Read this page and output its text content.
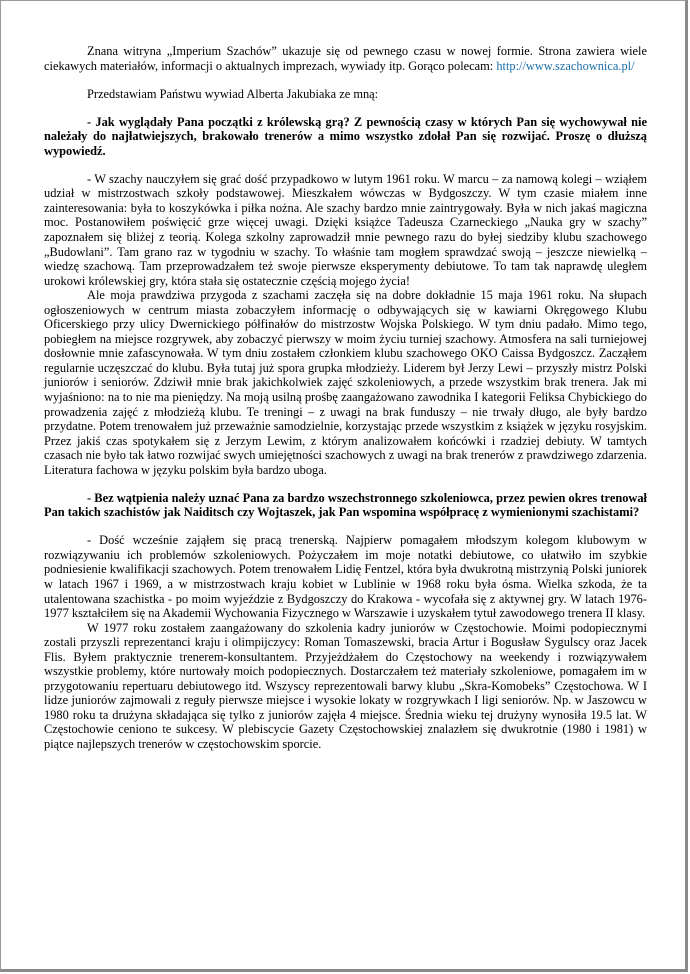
Znana witryna „Imperium Szachów” ukazuje się od pewnego czasu w nowej formie. Strona zawiera wiele ciekawych materiałów, informacji o aktualnych imprezach, wywiady itp. Gorąco polecam: http://www.szachownica.pl/

Przedstawiam Państwu wywiad Alberta Jakubiaka ze mną:

- Jak wyglądały Pana początki z królewską grą? Z pewnością czasy w których Pan się wychowywał nie należały do najłatwiejszych, brakowało trenerów a mimo wszystko zdołał Pan się rozwijać. Proszę o dłuższą wypowiedź.

- W szachy nauczyłem się grać dość przypadkowo w lutym 1961 roku. W marcu – za namową kolegi – wziąłem udział w mistrzostwach szkoły podstawowej. Mieszkałem wówczas w Bydgoszczy. W tym czasie miałem inne zainteresowania: była to koszykówka i piłka nożna. Ale szachy bardzo mnie zaintrygowały. Była w nich jakaś magiczna moc. Postanowiłem poświęcić grze więcej uwagi. Dzięki książce Tadeusza Czarneckiego „Nauka gry w szachy” zapoznałem się bliżej z teorią. Kolega szkolny zaprowadził mnie pewnego razu do byłej siedziby klubu szachowego „Budowlani”. Tam grano raz w tygodniu w szachy. To właśnie tam mogłem sprawdzać swoją – jeszcze niewielką – wiedzę szachową. Tam przeprowadzałem też swoje pierwsze eksperymenty debiutowe. To tam tak naprawdę uległem urokowi królewskiej gry, która stała się ostatecznie częścią mojego życia!

Ale moja prawdziwa przygoda z szachami zaczęła się na dobre dokładnie 15 maja 1961 roku. Na słupach ogłoszeniowych w centrum miasta zobaczyłem informację o odbywających się w kawiarni Okręgowego Klubu Oficerskiego przy ulicy Dwernickiego półfinałów do mistrzostw Wojska Polskiego. W tym dniu padało. Mimo tego, pobiegłem na miejsce rozgrywek, aby zobaczyć pierwszy w moim życiu turniej szachowy. Atmosfera na sali turniejowej dosłownie mnie zafascynowała. W tym dniu zostałem członkiem klubu szachowego OKO Caissa Bydgoszcz. Zacząłem regularnie uczęszczać do klubu. Była tutaj już spora grupka młodzieży. Liderem był Jerzy Lewi – przyszły mistrz Polski juniorów i seniorów. Zdziwił mnie brak jakichkolwiek zajęć szkoleniowych, a przede wszystkim brak trenera. Jak mi wyjaśniono: na to nie ma pieniędzy. Na moją usilną prośbę zaangażowano zawodnika I kategorii Feliksa Chybickiego do prowadzenia zajęć z młodzieżą klubu. Te treningi – z uwagi na brak funduszy – nie trwały długo, ale były bardzo przydatne. Potem trenowałem już przeważnie samodzielnie, korzystając przede wszystkim z książek w języku rosyjskim. Przez jakiś czas spotykałem się z Jerzym Lewim, z którym analizowałem końcówki i rzadziej debiuty. W tamtych czasach nie było tak łatwo rozwijać swych umiejętności szachowych z uwagi na brak trenerów z prawdziwego zdarzenia. Literatura fachowa w języku polskim była bardzo uboga.

- Bez wątpienia należy uznać Pana za bardzo wszechstronnego szkoleniowca, przez pewien okres trenował Pan takich szachistów jak Naiditsch czy Wojtaszek, jak Pan wspomina współpracę z wymienionymi szachistami?

- Dość wcześnie zająłem się pracą trenerską. Najpierw pomagałem młodszym kolegom klubowym w rozwiązywaniu ich problemów szkoleniowych. Pożyczałem im moje notatki debiutowe, co ułatwiło im szybkie podniesienie kwalifikacji szachowych. Potem trenowałem Lidię Fentzel, która była dwukrotną mistrzynią Polski juniorek w latach 1967 i 1969, a w mistrzostwach kraju kobiet w Lublinie w 1968 roku była ósma. Wielka szkoda, że ta utalentowana szachistka - po moim wyjeździe z Bydgoszczy do Krakowa - wycofała się z aktywnej gry. W latach 1976-1977 kształciłem się na Akademii Wychowania Fizycznego w Warszawie i uzyskałem tytuł zawodowego trenera II klasy.

W 1977 roku zostałem zaangażowany do szkolenia kadry juniorów w Częstochowie. Moimi podopiecznymi zostali przyszli reprezentanci kraju i olimpijczycy: Roman Tomaszewski, bracia Artur i Bogusław Sygulscy oraz Jacek Flis. Byłem praktycznie trenerem-konsultantem. Przyjeżdżałem do Częstochowy na weekendy i rozwiązywałem wszystkie problemy, które nurtowały moich podopiecznych. Dostarczałem też materiały szkoleniowe, pomagałem im w przygotowaniu repertuaru debiutowego itd. Wszyscy reprezentowali barwy klubu „Skra-Komobeks” Częstochowa. W I lidze juniorów zajmowali z reguły pierwsze miejsce i wysokie lokaty w rozgrywkach I ligi seniorów. Np. w Jaszowcu w 1980 roku ta drużyna składająca się tylko z juniorów zajęła 4 miejsce. Średnia wieku tej drużyny wynosiła 19.5 lat. W Częstochowie ceniono te sukcesy. W plebiscycie Gazety Częstochowskiej znalazłem się dwukrotnie (1980 i 1981) w piątce najlepszych trenerów w częstochowskim sporcie.
